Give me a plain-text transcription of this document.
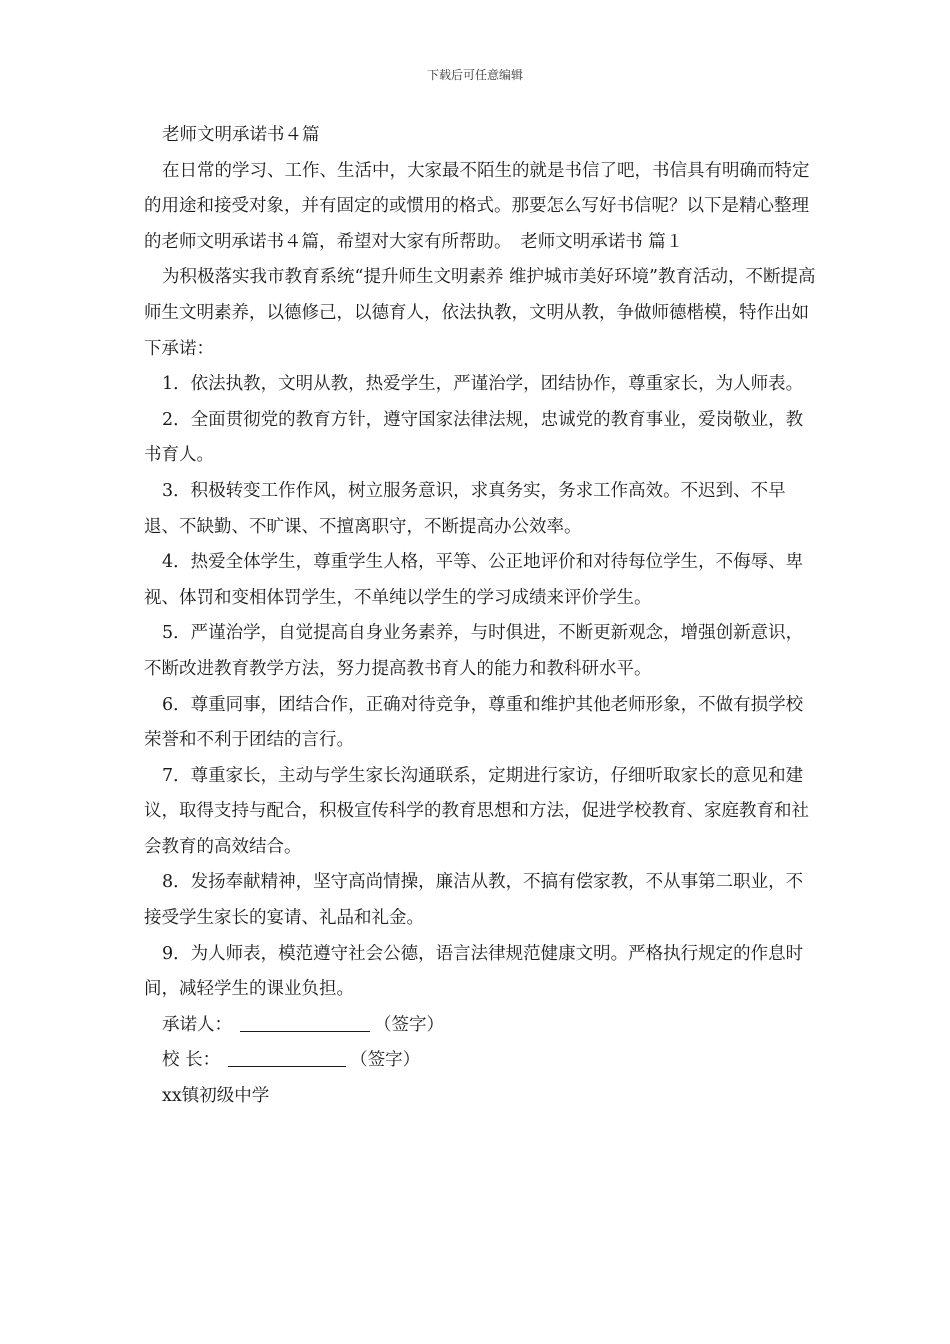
下载后可任意编辑

老师文明承诺书４篇

在日常的学习、工作、生活中，大家最不陌生的就是书信了吧，书信具有明确而特定的用途和接受对象，并有固定的或惯用的格式。那要怎么写好书信呢？以下是精心整理的老师文明承诺书４篇，希望对大家有所帮助。　老师文明承诺书 篇１

为积极落实我市教育系统“提升师生文明素养 维护城市美好环境”教育活动，不断提高师生文明素养，以德修己，以德育人，依法执教，文明从教，争做师德楷模，特作出如下承诺：

1．依法执教，文明从教，热爱学生，严谨治学，团结协作，尊重家长，为人师表。

2．全面贯彻党的教育方针，遵守国家法律法规，忠诚党的教育事业，爱岗敬业，教书育人。

3．积极转变工作作风，树立服务意识，求真务实，务求工作高效。不迟到、不早退、不缺勤、不旷课、不擅离职守，不断提高办公效率。

4．热爱全体学生，尊重学生人格，平等、公正地评价和对待每位学生，不侮辱、卑视、体罚和变相体罚学生，不单纯以学生的学习成绩来评价学生。

5．严谨治学，自觉提高自身业务素养，与时俱进，不断更新观念，增强创新意识，不断改进教育教学方法，努力提高教书育人的能力和教科研水平。

6．尊重同事，团结合作，正确对待竞争，尊重和维护其他老师形象，不做有损学校荣誉和不利于团结的言行。

7．尊重家长，主动与学生家长沟通联系，定期进行家访，仔细听取家长的意见和建议，取得支持与配合，积极宣传科学的教育思想和方法，促进学校教育、家庭教育和社会教育的高效结合。

8．发扬奉献精神，坚守高尚情操，廉洁从教，不搞有偿家教，不从事第二职业，不接受学生家长的宴请、礼品和礼金。

9．为人师表，模范遵守社会公德，语言法律规范健康文明。严格执行规定的作息时间，减轻学生的课业负担。

承诺人：	（签字）

校 长：	（签字）

xx镇初级中学
